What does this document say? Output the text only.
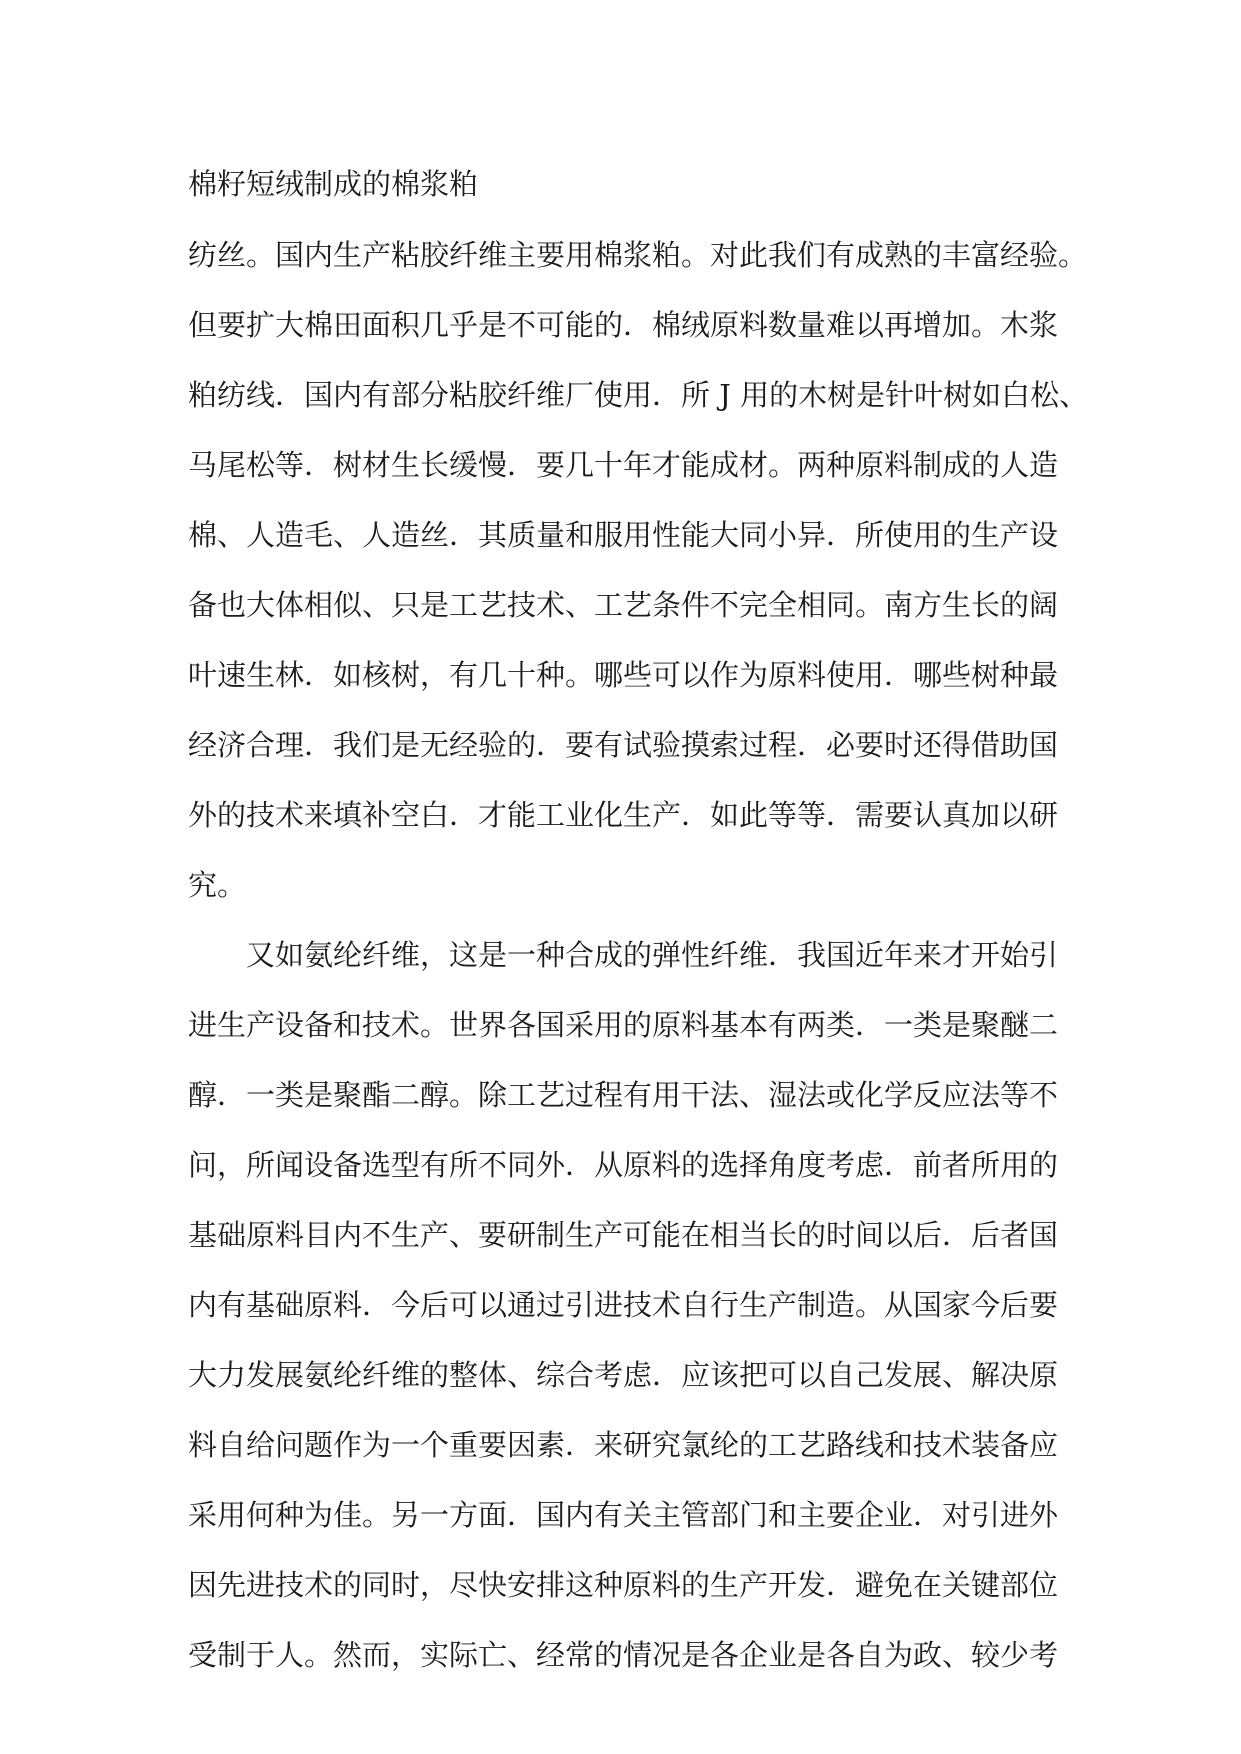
棉籽短绒制成的棉浆粕

纺丝。国内生产粘胶纤维主要用棉浆粕。对此我们有成熟的丰富经验。

但要扩大棉田面积几乎是不可能的．棉绒原料数量难以再增加。木浆

粕纺线．国内有部分粘胶纤维厂使用．所 J 用的木树是针叶树如白松、

马尾松等．树材生长缓慢．要几十年才能成材。两种原料制成的人造

棉、人造毛、人造丝．其质量和服用性能大同小异．所使用的生产设

备也大体相似、只是工艺技术、工艺条件不完全相同。南方生长的阔

叶速生林．如核树，有几十种。哪些可以作为原料使用．哪些树种最

经济合理．我们是无经验的．要有试验摸索过程．必要时还得借助国

外的技术来填补空白．才能工业化生产．如此等等．需要认真加以研

究。

又如氨纶纤维，这是一种合成的弹性纤维．我国近年来才开始引

进生产设备和技术。世界各国采用的原料基本有两类．一类是聚醚二

醇．一类是聚酯二醇。除工艺过程有用干法、湿法或化学反应法等不

问，所闻设备选型有所不同外．从原料的选择角度考虑．前者所用的

基础原料目内不生产、要研制生产可能在相当长的时间以后．后者国

内有基础原料．今后可以通过引进技术自行生产制造。从国家今后要

大力发展氨纶纤维的整体、综合考虑．应该把可以自己发展、解决原

料自给问题作为一个重要因素．来研究氯纶的工艺路线和技术装备应

采用何种为佳。另一方面．国内有关主管部门和主要企业．对引进外

因先进技术的同时，尽快安排这种原料的生产开发．避免在关键部位

受制于人。然而，实际亡、经常的情况是各企业是各自为政、较少考
